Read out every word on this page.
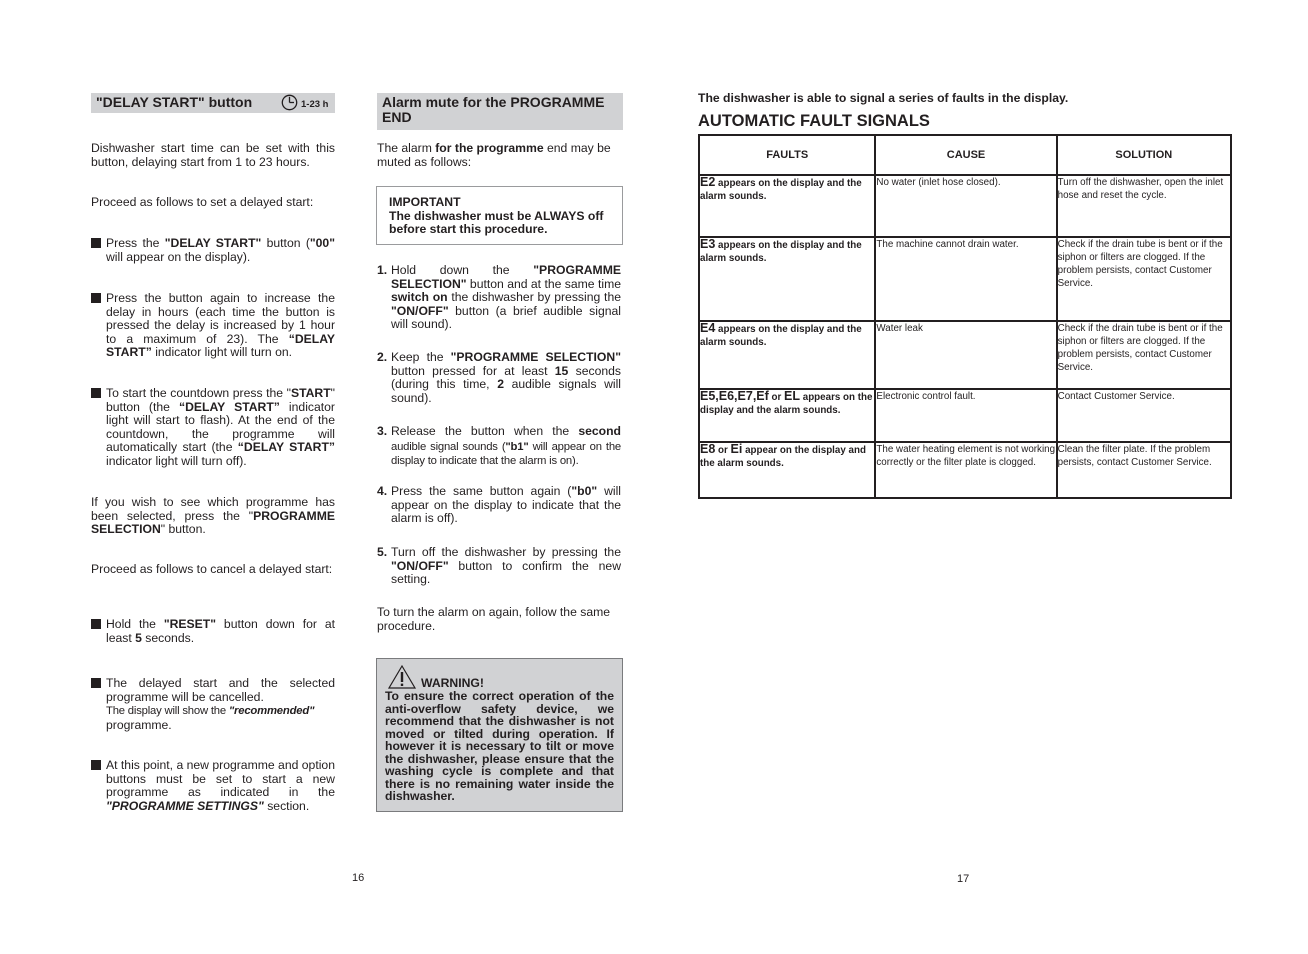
"DELAY START" button	1-23 h

Dishwasher start time can be set with this button, delaying start from 1 to 23 hours.

Proceed as follows to set a delayed start:

Press the "DELAY START" button ("00" will appear on the display).
Press the button again to increase the delay in hours (each time the button is pressed the delay is increased by 1 hour to a maximum of 23). The “DELAY START” indicator light will turn on.
To start the countdown press the "START" button (the “DELAY START” indicator light will start to flash). At the end of the countdown, the programme will automatically start (the “DELAY START” indicator light will turn off).

If you wish to see which programme has been selected, press the "PROGRAMME SELECTION" button.

Proceed as follows to cancel a delayed start:

Hold the "RESET" button down for at least 5 seconds.
The delayed start and the selected programme will be cancelled.
The display will show the "recommended" programme.
At this point, a new programme and option buttons must be set to start a new programme as indicated in the "PROGRAMME SETTINGS" section.
16
Alarm mute for the PROGRAMME END

The alarm for the programme end may be muted as follows:

IMPORTANT
The dishwasher must be ALWAYS off before start this procedure.
1. Hold down the "PROGRAMME SELECTION" button and at the same time switch on the dishwasher by pressing the "ON/OFF" button (a brief audible signal will sound).
2. Keep the "PROGRAMME SELECTION" button pressed for at least 15 seconds (during this time, 2 audible signals will sound).
3. Release the button when the second audible signal sounds ("b1" will appear on the display to indicate that the alarm is on).
4. Press the same button again ("b0" will appear on the display to indicate that the alarm is off).
5. Turn off the dishwasher by pressing the "ON/OFF" button to confirm the new setting.

To turn the alarm on again, follow the same procedure.

WARNING!
To ensure the correct operation of the anti-overflow safety device, we recommend that the dishwasher is not moved or tilted during operation. If however it is necessary to tilt or move the dishwasher, please ensure that the washing cycle is complete and that there is no remaining water inside the dishwasher.
The dishwasher is able to signal a series of faults in the display.
AUTOMATIC FAULT SIGNALS
FAULTS	CAUSE	SOLUTION
E2 appears on the display and the alarm sounds.	No water (inlet hose closed).	Turn off the dishwasher, open the inlet hose and reset the cycle.
E3 appears on the display and the alarm sounds.	The machine cannot drain water.	Check if the drain tube is bent or if the siphon or filters are clogged. If the problem persists, contact Customer Service.
E4 appears on the display and the alarm sounds.	Water leak	Check if the drain tube is bent or if the siphon or filters are clogged. If the problem persists, contact Customer Service.
E5,E6,E7,Ef or EL appears on the display and the alarm sounds.	Electronic control fault.	Contact Customer Service.
E8 or Ei appear on the display and the alarm sounds.	The water heating element is not working correctly or the filter plate is clogged.	Clean the filter plate. If the problem persists, contact Customer Service.
17
